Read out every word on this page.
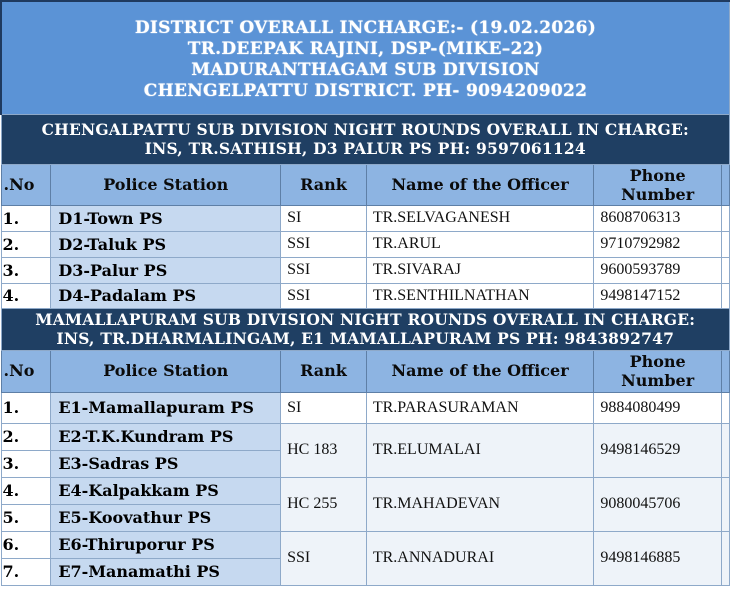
DISTRICT OVERALL INCHARGE:- (19.02.2026)
TR.DEEPAK RAJINI, DSP-(MIKE–22)
MADURANTHAGAM SUB DIVISION
CHENGELPATTU DISTRICT. PH- 9094209022					

CHENGALPATTU SUB DIVISION NIGHT ROUNDS OVERALL IN CHARGE:
INS, TR.SATHISH, D3 PALUR PS PH: 9597061124					

.No	Police Station	Rank	Name of the Officer	Phone
Number	

1.	D1-Town PS	SI	TR.SELVAGANESH	8608706313	
2.	D2-Taluk PS	SSI	TR.ARUL	9710792982	
3.	D3-Palur PS	SSI	TR.SIVARAJ	9600593789	
4.	D4-Padalam PS	SSI	TR.SENTHILNATHAN	9498147152	

MAMALLAPURAM SUB DIVISION NIGHT ROUNDS OVERALL IN CHARGE:
INS, TR.DHARMALINGAM, E1 MAMALLAPURAM PS PH: 9843892747					

.No	Police Station	Rank	Name of the Officer	Phone
Number	

1.	E1-Mamallapuram PS	SI	TR.PARASURAMAN	9884080499	
2.	E2-T.K.Kundram PS	HC 183	TR.ELUMALAI	9498146529	
3.	E3-Sadras PS				
4.	E4-Kalpakkam PS	HC 255	TR.MAHADEVAN	9080045706	
5.	E5-Koovathur PS				
6.	E6-Thiruporur PS	SSI	TR.ANNADURAI	9498146885	
7.	E7-Manamathi PS				
